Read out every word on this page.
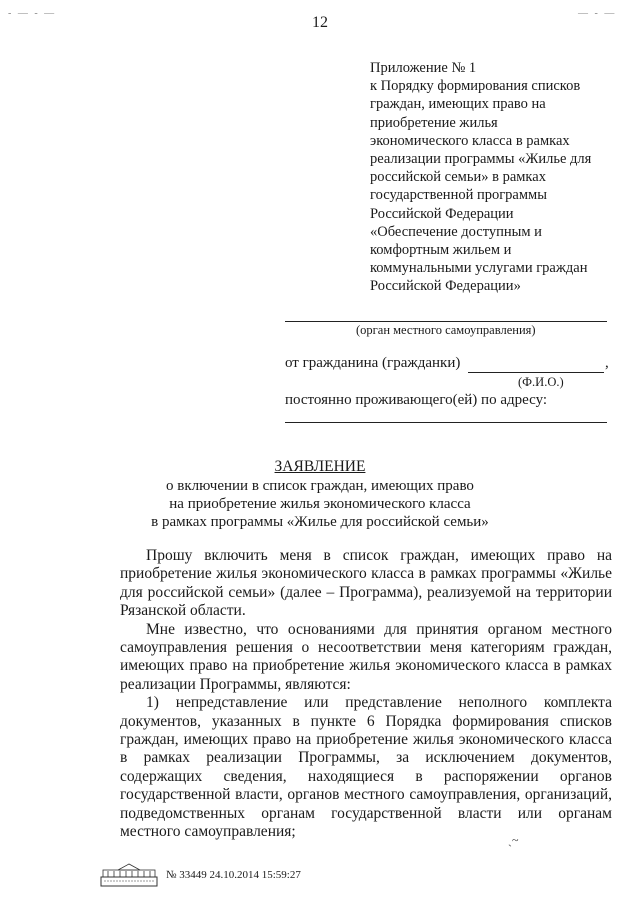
- — - —	— - —
12
Приложение № 1
к Порядку формирования списков
граждан, имеющих право на
приобретение жилья
экономического класса в рамках
реализации программы «Жилье для
российской семьи» в рамках
государственной программы
Российской Федерации
«Обеспечение доступным и
комфортным жильем и
коммунальными услугами граждан
Российской Федерации»
(орган местного самоуправления)
от гражданина (гражданки)	,
(Ф.И.О.)
постоянно проживающего(ей) по адресу:
ЗАЯВЛЕНИЕ
о включении в список граждан, имеющих право
на приобретение жилья экономического класса
в рамках программы «Жилье для российской семьи»

Прошу включить меня в список граждан, имеющих право на приобретение жилья экономического класса в рамках программы «Жилье для российской семьи» (далее – Программа), реализуемой на территории Рязанской области.

Мне известно, что основаниями для принятия органом местного самоуправления решения о несоответствии меня категориям граждан, имеющих право на приобретение жилья экономического класса в рамках реализации Программы, являются:

1) непредставление или представление неполного комплекта документов, указанных в пункте 6 Порядка формирования списков граждан, имеющих право на приобретение жилья экономического класса в рамках реализации Программы, за исключением документов, содержащих сведения, находящиеся в распоряжении органов государственной власти, органов местного самоуправления, организаций, подведомственных органам государственной власти или органам местного самоуправления;	ˎ~
№ 33449 24.10.2014 15:59:27
